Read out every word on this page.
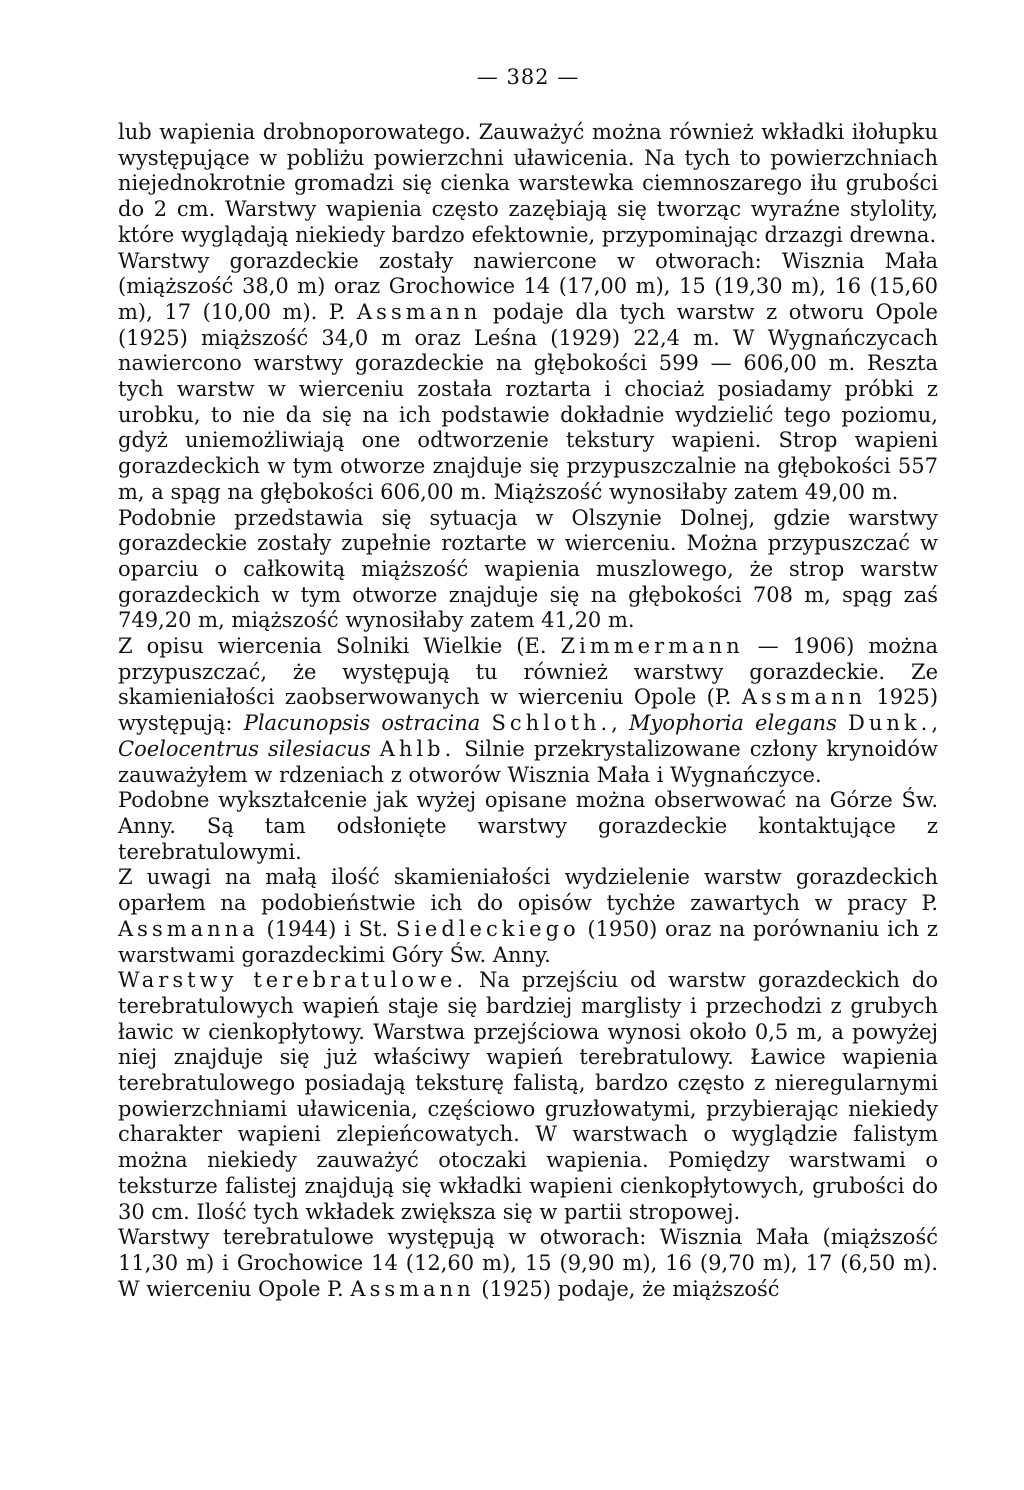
— 382 —

lub wapienia drobnoporowatego. Zauważyć można również wkładki iłołupku występujące w pobliżu powierzchni uławicenia. Na tych to powierzchniach niejednokrotnie gromadzi się cienka warstewka ciemnoszarego iłu grubości do 2 cm. Warstwy wapienia często zazębiają się tworząc wyraźne stylolity, które wyglądają niekiedy bardzo efektownie, przypominając drzazgi drewna.

Warstwy gorazdeckie zostały nawiercone w otworach: Wisznia Mała (miąższość 38,0 m) oraz Grochowice 14 (17,00 m), 15 (19,30 m), 16 (15,60 m), 17 (10,00 m). P. Assmann podaje dla tych warstw z otworu Opole (1925) miąższość 34,0 m oraz Leśna (1929) 22,4 m. W Wygnańczycach nawiercono warstwy gorazdeckie na głębokości 599 — 606,00 m. Reszta tych warstw w wierceniu została roztarta i chociaż posiadamy próbki z urobku, to nie da się na ich podstawie dokładnie wydzielić tego poziomu, gdyż uniemożliwiają one odtworzenie tekstury wapieni. Strop wapieni gorazdeckich w tym otworze znajduje się przypuszczalnie na głębokości 557 m, a spąg na głębokości 606,00 m. Miąższość wynosiłaby zatem 49,00 m.

Podobnie przedstawia się sytuacja w Olszynie Dolnej, gdzie warstwy gorazdeckie zostały zupełnie roztarte w wierceniu. Można przypuszczać w oparciu o całkowitą miąższość wapienia muszlowego, że strop warstw gorazdeckich w tym otworze znajduje się na głębokości 708 m, spąg zaś 749,20 m, miąższość wynosiłaby zatem 41,20 m.

Z opisu wiercenia Solniki Wielkie (E. Zimmermann — 1906) można przypuszczać, że występują tu również warstwy gorazdeckie. Ze skamieniałości zaobserwowanych w wierceniu Opole (P. Assmann 1925) występują: Placunopsis ostracina Schloth., Myophoria elegans Dunk., Coelocentrus silesiacus Ahlb. Silnie przekrystalizowane człony krynoidów zauważyłem w rdzeniach z otworów Wisznia Mała i Wygnańczyce.

Podobne wykształcenie jak wyżej opisane można obserwować na Górze Św. Anny. Są tam odsłonięte warstwy gorazdeckie kontaktujące z terebratulowymi.

Z uwagi na małą ilość skamieniałości wydzielenie warstw gorazdeckich oparłem na podobieństwie ich do opisów tychże zawartych w pracy P. Assmanna (1944) i St. Siedleckiego (1950) oraz na porównaniu ich z warstwami gorazdeckimi Góry Św. Anny.

Warstwy terebratulowe. Na przejściu od warstw gorazdeckich do terebratulowych wapień staje się bardziej marglisty i przechodzi z grubych ławic w cienkopłytowy. Warstwa przejściowa wynosi około 0,5 m, a powyżej niej znajduje się już właściwy wapień terebratulowy. Ławice wapienia terebratulowego posiadają teksturę falistą, bardzo często z nieregularnymi powierzchniami uławicenia, częściowo gruzłowatymi, przybierając niekiedy charakter wapieni zlepieńcowatych. W warstwach o wyglądzie falistym można niekiedy zauważyć otoczaki wapienia. Pomiędzy warstwami o teksturze falistej znajdują się wkładki wapieni cienkopłytowych, grubości do 30 cm. Ilość tych wkładek zwiększa się w partii stropowej.

Warstwy terebratulowe występują w otworach: Wisznia Mała (miąższość 11,30 m) i Grochowice 14 (12,60 m), 15 (9,90 m), 16 (9,70 m), 17 (6,50 m). W wierceniu Opole P. Assmann (1925) podaje, że miąższość
